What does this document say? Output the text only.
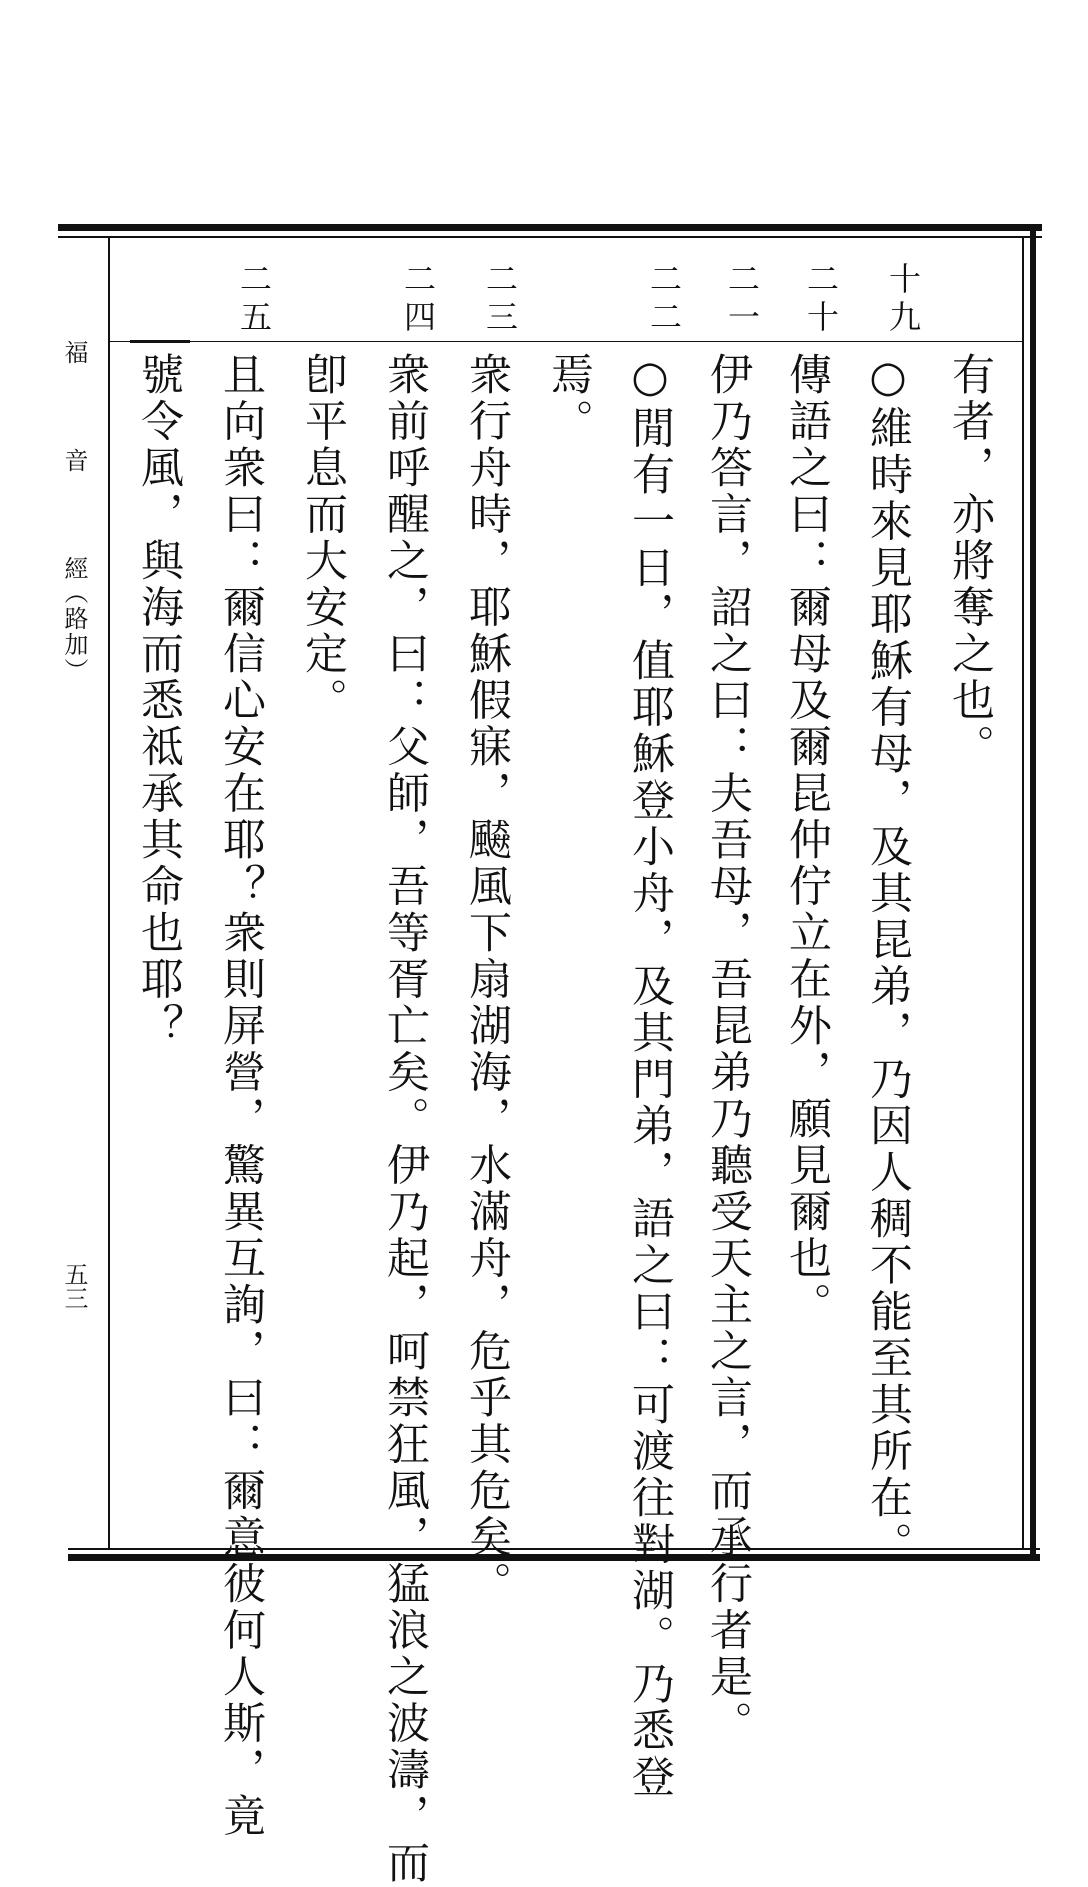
福　音　經
（路加）
五三
十九
二十
二一
二二
二三
二四
二五
有者，亦將奪之也。
○維時來見耶穌有母，及其昆弟，乃因人稠不能至其所在。
傳語之曰：爾母及爾昆仲佇立在外，願見爾也。
伊乃答言，詔之曰：夫吾母，吾昆弟乃聽受天主之言，而承行者是。
○閒有一日，值耶穌登小舟，及其門弟，語之曰：可渡往對湖。乃悉登
焉。
衆行舟時，耶穌假寐，飇風下扇湖海，水滿舟，危乎其危矣。
衆前呼醒之，曰：父師，吾等胥亡矣。伊乃起，呵禁狂風，猛浪之波濤，而
卽平息而大安定。
且向衆曰：爾信心安在耶？衆則屏營，驚異互詢，曰：爾意彼何人斯，竟
號令風，與海而悉祗承其命也耶？
